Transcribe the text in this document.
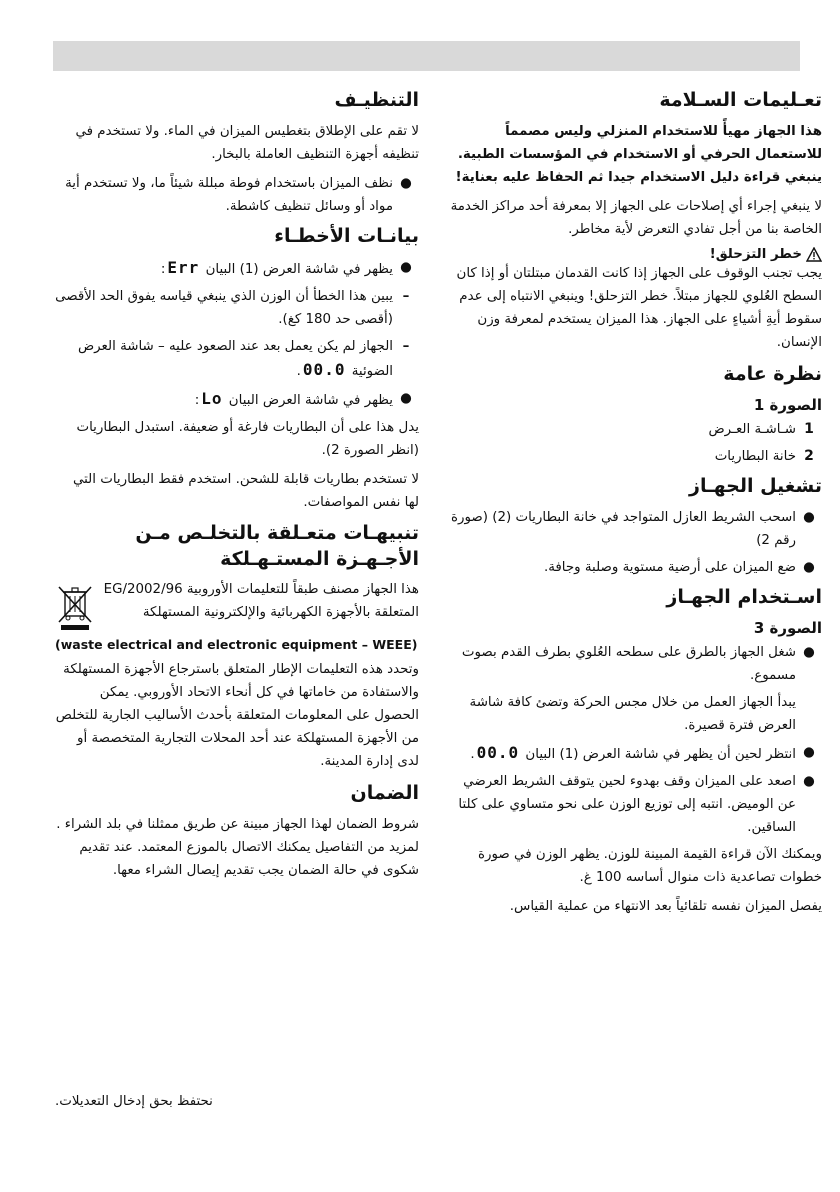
تعـليمات السـلامة
هذا الجهاز مهيأً للاستخدام المنزلي وليس مصمماً للاستعمال الحرفي أو الاستخدام في المؤسسات الطبية. ينبغي قراءة دليل الاستخدام جيدا ثم الحفاظ عليه بعناية!
لا ينبغي إجراء أي إصلاحات على الجهاز إلا بمعرفة أحد مراكز الخدمة الخاصة بنا من أجل تفادي التعرض لأية مخاطر.
خطر التزحلق!
يجب تجنب الوقوف على الجهاز إذا كانت القدمان مبتلتان أو إذا كان السطح العُلوي للجهاز مبتلاً. خطر التزحلق! وينبغي الانتباه إلى عدم سقوط أيةِ أشياءٍ على الجهاز. هذا الميزان يستخدم لمعرفة وزن الإنسان.
نظرة عامة
الصورة 1
1
شـاشـة العـرض
2
خانة البطاريات
تشغيل الجهـاز
●
اسحب الشريط العازل المتواجد في خانة البطاريات (2) (صورة رقم 2)
●
ضع الميزان على أرضية مستوية وصلبة وجافة.
اسـتخدام الجهـاز
الصورة 3
●
شغل الجهاز بالطرق على سطحه العُلوي بطرف القدم بصوت مسموع.
يبدأ الجهاز العمل من خلال مجس الحركة وتضئ كافة شاشة العرض فترة قصيرة.
●
انتظر لحين أن يظهر في شاشة العرض (1) البيان 00.0.
●
اصعد على الميزان وقف بهدوء لحين يتوقف الشريط العرضي عن الوميض. انتبه إلى توزيع الوزن على نحو متساوي على كلتا الساقين.
ويمكنك الآن قراءة القيمة المبينة للوزن. يظهر الوزن في صورة خطوات تصاعدية ذات منوال أساسه 100 غ.
يفصل الميزان نفسه تلقائياً بعد الانتهاء من عملية القياس.
التنظيـف
لا تقم على الإطلاق بتغطيس الميزان في الماء. ولا تستخدم في تنظيفه أجهزة التنظيف العاملة بالبخار.
●
نظف الميزان باستخدام فوطة مبللة شيئاً ما، ولا تستخدم أية مواد أو وسائل تنظيف كاشطة.
بيانـات الأخطـاء
●
يظهر في شاشة العرض (1) البيان Err:
–
يبين هذا الخطأ أن الوزن الذي ينبغي قياسه يفوق الحد الأقصى (أقصى حد 180 كغ).
–
الجهاز لم يكن يعمل بعد عند الصعود عليه – شاشة العرض الضوئية 00.0.
●
يظهر في شاشة العرض البيان Lo:
يدل هذا على أن البطاريات فارغة أو ضعيفة. استبدل البطاريات (انظر الصورة 2).
لا تستخدم بطاريات قابلة للشحن. استخدم فقط البطاريات التي لها نفس المواصفات.
تنبيهـات متعـلقة بالتخلـص مـن الأجـهـزة المستـهـلكة
هذا الجهاز مصنف طبقاً للتعليمات الأوروبية 2002/96/EG المتعلقة بالأجهزة الكهربائية والإلكترونية المستهلكة
(waste electrical and electronic equipment – WEEE)
وتحدد هذه التعليمات الإطار المتعلق باسترجاع الأجهزة المستهلكة والاستفادة من خاماتها في كل أنحاء الاتحاد الأوروبي. يمكن الحصول على المعلومات المتعلقة بأحدث الأساليب الجارية للتخلص من الأجهزة المستهلكة عند أحد المحلات التجارية المتخصصة أو لدى إدارة المدينة.
الضمان
شروط الضمان لهذا الجهاز مبينة عن طريق ممثلنا في بلد الشراء . لمزيد من التفاصيل يمكنك الاتصال بالموزع المعتمد. عند تقديم شكوى في حالة الضمان يجب تقديم إيصال الشراء معها.
نحتفظ بحق إدخال التعديلات.
